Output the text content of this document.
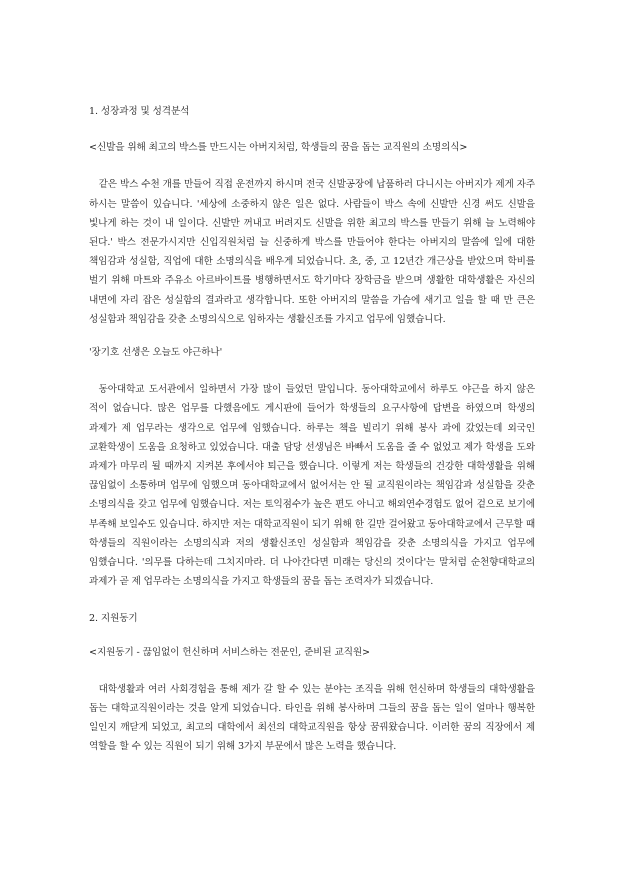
1. 성장과정 및 성격분석

<신발을 위해 최고의 박스를 만드시는 아버지처럼, 학생들의 꿈을 돕는 교직원의 소명의식>

같은 박스 수천 개를 만들어 직접 운전까지 하시며 전국 신발공장에 납품하러 다니시는 아버지가 제게 자주 하시는 말씀이 있습니다. '세상에 소중하지 않은 일은 없다. 사람들이 박스 속에 신발만 신경 써도 신발을 빛나게 하는 것이 내 일이다. 신발만 꺼내고 버려지도 신발을 위한 최고의 박스를 만들기 위해 늘 노력해야 된다.' 박스 전문가시지만 신입직원처럼 늘 신중하게 박스를 만들어야 한다는 아버지의 말씀에 일에 대한 책임감과 성실함, 직업에 대한 소명의식을 배우게 되었습니다. 초, 중, 고 12년간 개근상을 받았으며 학비를 벌기 위해 마트와 주유소 아르바이트를 병행하면서도 학기마다 장학금을 받으며 생활한 대학생활은 자신의 내면에 자리 잡은 성실함의 결과라고 생각합니다. 또한 아버지의 말씀을 가슴에 새기고 일을 할 때 만 큰은 성실함과 책임감을 갖춘 소명의식으로 임하자는 생활신조를 가지고 업무에 임했습니다.

'장기호 선생은 오늘도 야근하나'

동아대학교 도서관에서 일하면서 가장 많이 들었던 말입니다. 동아대학교에서 하루도 야근을 하지 않은 적이 없습니다. 많은 업무를 다했음에도 게시판에 들어가 학생들의 요구사항에 답변을 하였으며 학생의 과제가 제 업무라는 생각으로 업무에 임했습니다. 하루는 책을 빌리기 위해 봉사 과에 갔었는데 외국인 교환학생이 도움을 요청하고 있었습니다. 대출 담당 선생님은 바빠서 도움을 줄 수 없었고 제가 학생을 도와 과제가 마무리 될 때까지 지켜본 후에서야 퇴근을 했습니다. 이렇게 저는 학생들의 건강한 대학생활을 위해 끊임없이 소통하며 업무에 임했으며 동아대학교에서 없어서는 안 될 교직원이라는 책임감과 성실함을 갖춘 소명의식을 갖고 업무에 임했습니다. 저는 토익점수가 높은 편도 아니고 해외연수경험도 없어 겉으로 보기에 부족해 보일수도 있습니다. 하지만 저는 대학교직원이 되기 위해 한 길만 걸어왔고 동아대학교에서 근무할 때 학생들의 직원이라는 소명의식과 저의 생활신조인 성실함과 책임감을 갖춘 소명의식을 가지고 업무에 임했습니다. '의무를 다하는데 그치지마라. 더 나아간다면 미래는 당신의 것이다'는 말처럼 순천향대학교의 과제가 곧 제 업무라는 소명의식을 가지고 학생들의 꿈을 돕는 조력자가 되겠습니다.

2. 지원동기

<지원동기 - 끊임없이 헌신하며 서비스하는 전문인, 준비된 교직원>

대학생활과 여러 사회경험을 통해 제가 갈 할 수 있는 분야는 조직을 위해 헌신하며 학생들의 대학생활을 돕는 대학교직원이라는 것을 알게 되었습니다. 타인을 위해 봉사하며 그들의 꿈을 돕는 일이 얼마나 행복한 일인지 깨닫게 되었고, 최고의 대학에서 최선의 대학교직원을 항상 꿈꿔왔습니다. 이러한 꿈의 직장에서 제 역할을 할 수 있는 직원이 되기 위해 3가지 부문에서 많은 노력을 했습니다.
